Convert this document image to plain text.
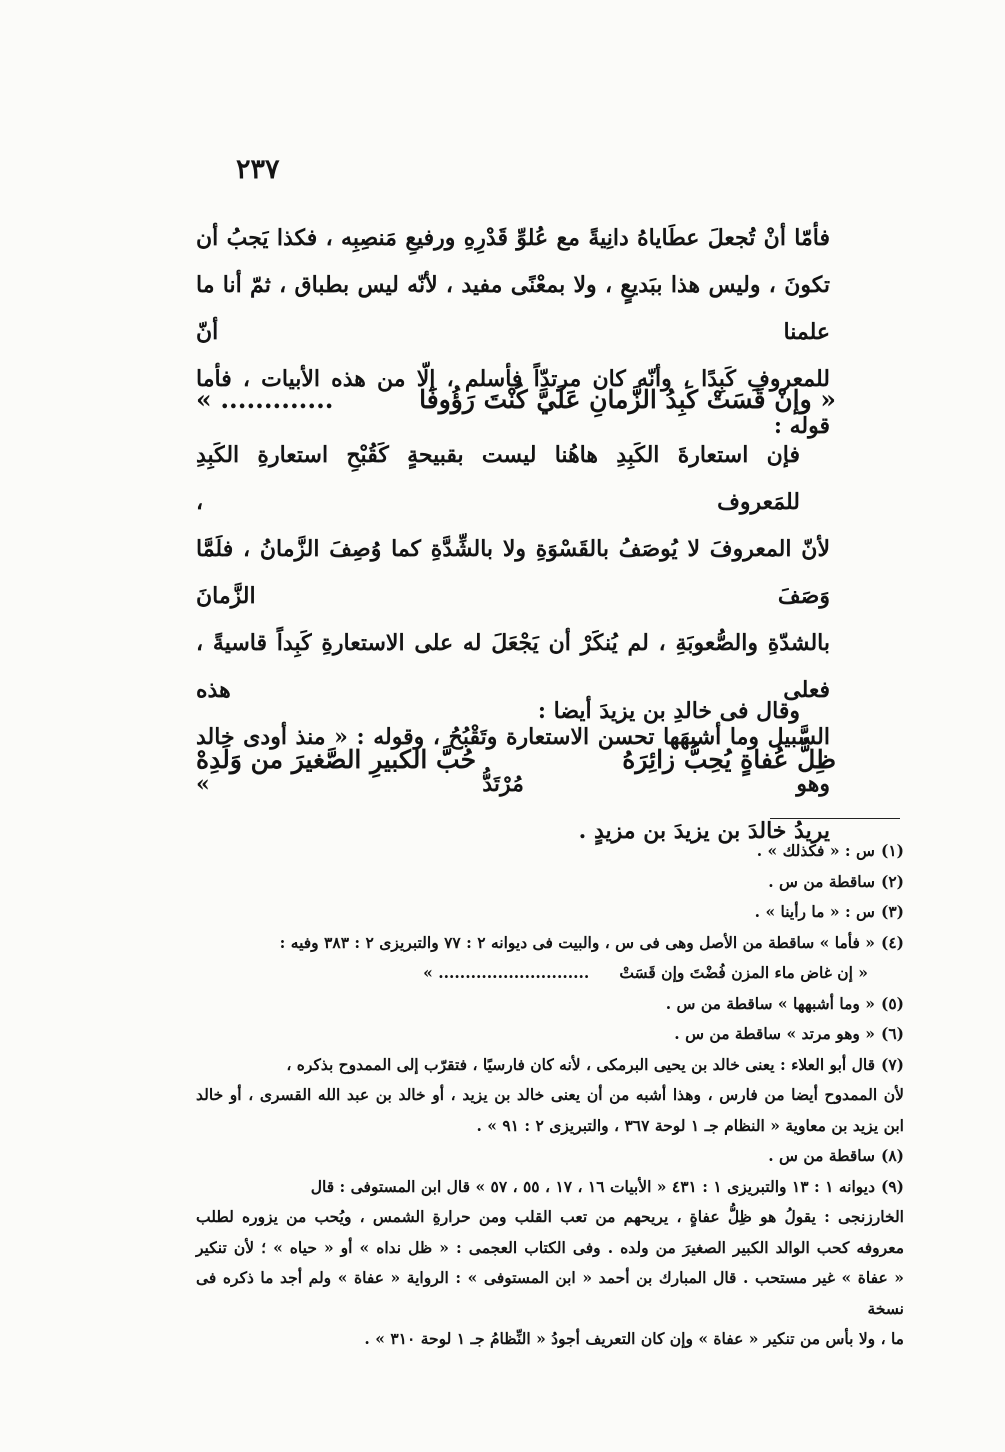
٢٣٧

فأمّا أنْ تُجعلَ عطَاياهُ دانِيةً مع عُلوِّ قَدْرِهِ ورفيعِ مَنصِبِه ، فكذا يَجبُ أن

تكونَ ، وليس هذا ببَديعٍ ، ولا بمعْنًى مفيد ، لأنّه ليس بطباق ، ثمّ أنا ما علمنا أنّ

للمعروفِ كَبِدًا ، وأنّه كان مرتدّاً فأسلم ، إلّا من هذه الأبيات ، فأما قوله :

« وإنْ قَسَتْ كَبِدُ الزَّمانِ عَلَيَّ كُنْتَ رَؤُوفَا
............. »

فإن استعارةَ الكَبِدِ هاهُنا ليست بقبيحةٍ كَقُبْحِ استعارةِ الكَبِدِ للمَعروف ،

لأنّ المعروفَ لا يُوصَفُ بالقَسْوَةِ ولا بالشِّدَّةِ كما وُصِفَ الزَّمانُ ، فلَمَّا وَصَفَ الزَّمانَ

بالشدّةِ والصُّعوبَةِ ، لم يُنكَرْ أن يَجْعَلَ له على الاستعارةِ كَبِداً قاسيةً ، فعلى هذه

السَّبيل وما أشبهَها تحسن الاستعارة وتَقْبُحُ ، وقوله : « منذ أودى خالد وهو مُرْتَدُّ »

يريدُ خالدَ بن يزيدَ بن مزيدٍ .

وقال فى خالدِ بن يزيدَ أيضا :

ظِلُّ عُفاةٍ يُحِبُّ زائِرَهُ
حُبَّ الكبيرِ الصَّغيرَ من وَلَدِهْ

(١)س : « فكذلك » .

(٢)ساقطة من س .

(٣)س : « ما رأينا » .

(٤)« فأما » ساقطة من الأصل وهى فى س ، والبيت فى ديوانه ٢ : ٧٧ والتبريزى ٢ : ٣٨٣ وفيه :

« إن غاض ماء المزن فُضْتَ وإن قَسَتْ
............................ »

(٥)« وما أشبهها » ساقطة من س .

(٦)« وهو مرتد » ساقطة من س .

(٧)قال أبو العلاء : يعنى خالد بن يحيى البرمكى ، لأنه كان فارسيًا ، فتقرّب إلى الممدوح بذكره ،

لأن الممدوح أيضا من فارس ، وهذا أشبه من أن يعنى خالد بن يزيد ، أو خالد بن عبد الله القسرى ، أو خالد

ابن يزيد بن معاوية « النظام جـ ١ لوحة ٣٦٧ ، والتبريزى ٢ : ٩١ » .

(٨)ساقطة من س .

(٩)ديوانه ١ : ١٣ والتبريزى ١ : ٤٣١ « الأبيات ١٦ ، ١٧ ، ٥٥ ، ٥٧ » قال ابن المستوفى : قال

الخارزنجى : يقولُ هو ظِلُّ عفاةٍ ، يريحهم من تعب القلب ومن حرارةِ الشمس ، ويُحب من يزوره لطلب

معروفه كحب الوالد الكبير الصغيرَ من ولده . وفى الكتاب العجمى : « ظل نداه » أو « حياه » ؛ لأن تنكير

« عفاة » غير مستحب . قال المبارك بن أحمد « ابن المستوفى » : الرواية « عفاة » ولم أجد ما ذكره فى نسخة

ما ، ولا بأس من تنكير « عفاة » وإن كان التعريف أجودُ « النِّظامُ جـ ١ لوحة ٣١٠ » .
